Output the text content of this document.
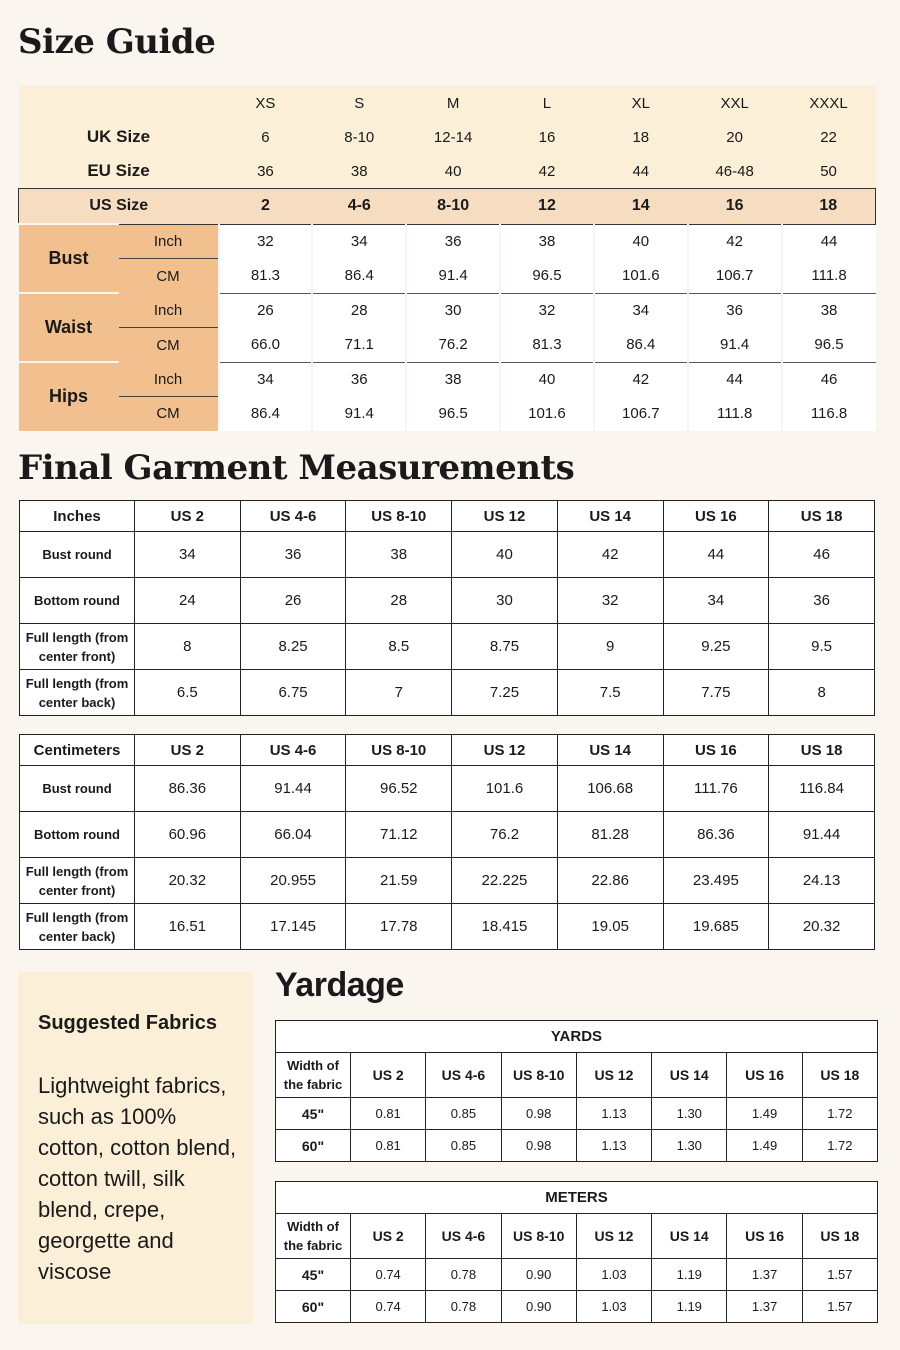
Size Guide
		XS	S	M	L	XL	XXL	XXXL
UK Size		6	8-10	12-14	16	18	20	22
EU Size		36	38	40	42	44	46-48	50
US Size		2	4-6	8-10	12	14	16	18
Bust	Inch	32	34	36	38	40	42	44
	CM	81.3	86.4	91.4	96.5	101.6	106.7	111.8
Waist	Inch	26	28	30	32	34	36	38
	CM	66.0	71.1	76.2	81.3	86.4	91.4	96.5
Hips	Inch	34	36	38	40	42	44	46
	CM	86.4	91.4	96.5	101.6	106.7	111.8	116.8
Final Garment Measurements
Inches	US 2	US 4-6	US 8-10	US 12	US 14	US 16	US 18
Bust round	34	36	38	40	42	44	46
Bottom round	24	26	28	30	32	34	36
Full length (from center front)	8	8.25	8.5	8.75	9	9.25	9.5
Full length (from center back)	6.5	6.75	7	7.25	7.5	7.75	8
Centimeters	US 2	US 4-6	US 8-10	US 12	US 14	US 16	US 18
Bust round	86.36	91.44	96.52	101.6	106.68	111.76	116.84
Bottom round	60.96	66.04	71.12	76.2	81.28	86.36	91.44
Full length (from center front)	20.32	20.955	21.59	22.225	22.86	23.495	24.13
Full length (from center back)	16.51	17.145	17.78	18.415	19.05	19.685	20.32
Suggested Fabrics
Lightweight fabrics, such as 100% cotton, cotton blend, cotton twill, silk blend, crepe, georgette and viscose
Yardage
YARDS							
Width of the fabric	US 2	US 4-6	US 8-10	US 12	US 14	US 16	US 18
45"	0.81	0.85	0.98	1.13	1.30	1.49	1.72
60"	0.81	0.85	0.98	1.13	1.30	1.49	1.72
METERS							
Width of the fabric	US 2	US 4-6	US 8-10	US 12	US 14	US 16	US 18
45"	0.74	0.78	0.90	1.03	1.19	1.37	1.57
60"	0.74	0.78	0.90	1.03	1.19	1.37	1.57
